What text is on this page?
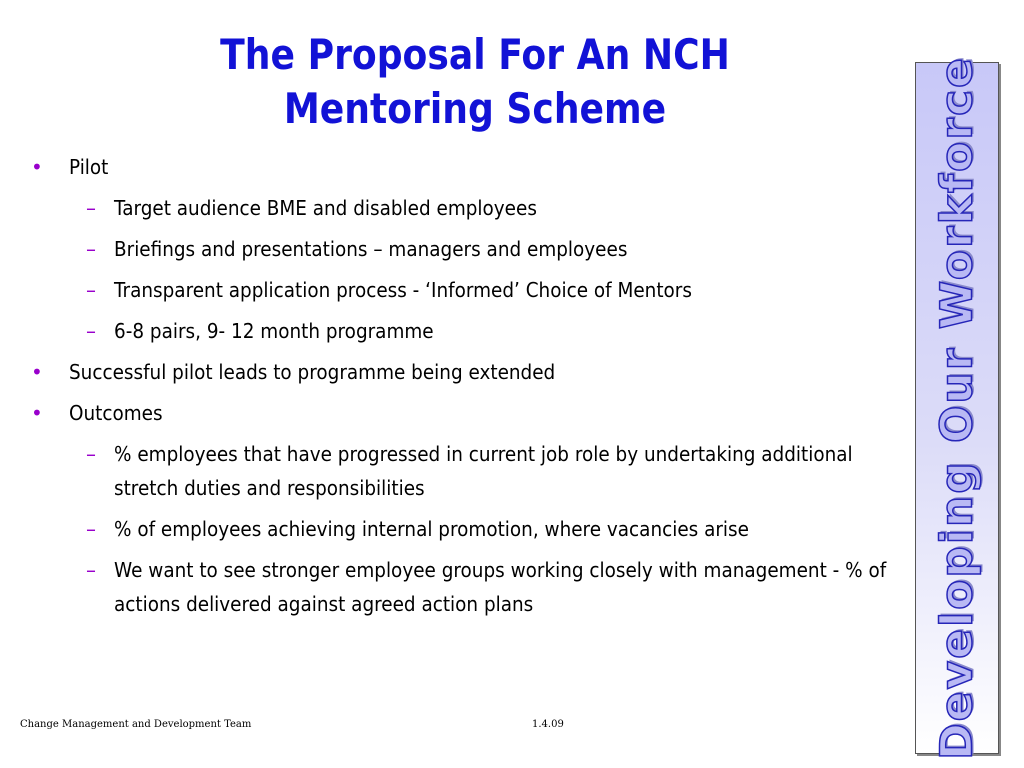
The Proposal For An NCH
Mentoring Scheme
• Pilot
– Target audience BME and disabled employees
– Briefings and presentations – managers and employees
– Transparent application process - ‘Informed’ Choice of Mentors
– 6-8 pairs, 9- 12 month programme
• Successful pilot leads to programme being extended
• Outcomes
– % employees that have progressed in current job role by undertaking additional stretch duties and responsibilities
– % of employees achieving internal promotion, where vacancies arise
– We want to see stronger employee groups working closely with management - % of actions delivered against agreed action plans	Developing Our Workforce
Change Management and Development Team	1.4.09
